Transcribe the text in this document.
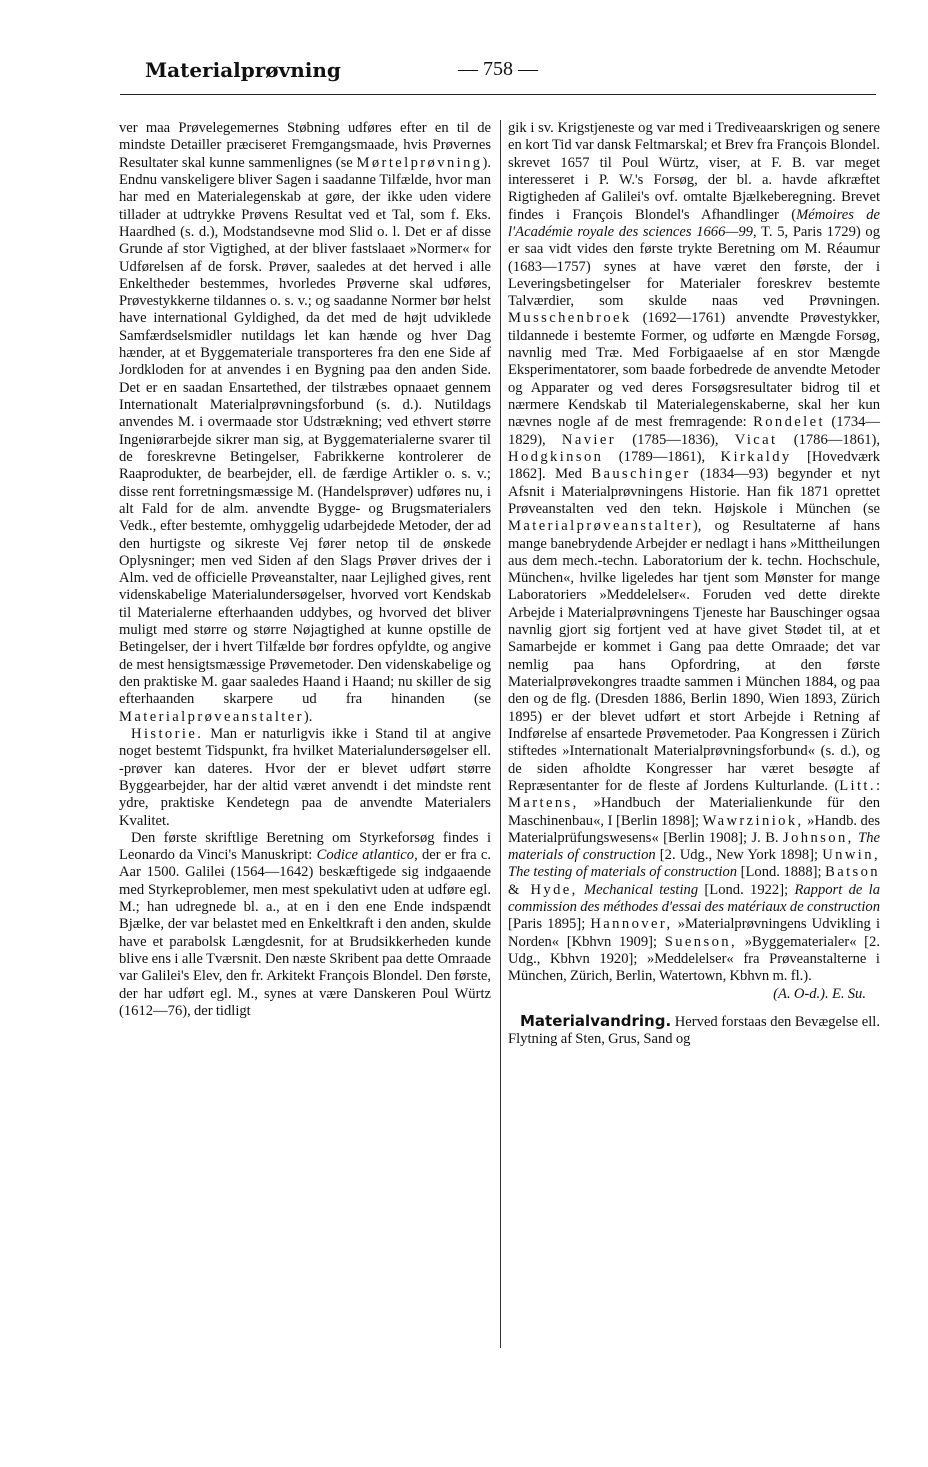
Materialprøvning	— 758 —

ver maa Prøvelegemernes Støbning udføres efter en til de mindste Detailler præciseret Fremgangsmaade, hvis Prøvernes Resultater skal kunne sammenlignes (se Mørtelprøvning). Endnu vanskeligere bliver Sagen i saadanne Tilfælde, hvor man har med en Materialegenskab at gøre, der ikke uden videre tillader at udtrykke Prøvens Resultat ved et Tal, som f. Eks. Haardhed (s. d.), Modstandsevne mod Slid o. l. Det er af disse Grunde af stor Vigtighed, at der bliver fastslaaet »Normer« for Udførelsen af de forsk. Prøver, saaledes at det herved i alle Enkeltheder bestemmes, hvorledes Prøverne skal udføres, Prøvestykkerne tildannes o. s. v.; og saadanne Normer bør helst have international Gyldighed, da det med de højt udviklede Samfærdselsmidler nutildags let kan hænde og hver Dag hænder, at et Byggemateriale transporteres fra den ene Side af Jordkloden for at anvendes i en Bygning paa den anden Side. Det er en saadan Ensartethed, der tilstræbes opnaaet gennem Internationalt Materialprøvningsforbund (s. d.). Nutildags anvendes M. i overmaade stor Udstrækning; ved ethvert større Ingeniørarbejde sikrer man sig, at Byggematerialerne svarer til de foreskrevne Betingelser, Fabrikkerne kontrolerer de Raaprodukter, de bearbejder, ell. de færdige Artikler o. s. v.; disse rent forretningsmæssige M. (Handelsprøver) udføres nu, i alt Fald for de alm. anvendte Bygge- og Brugsmaterialers Vedk., efter bestemte, omhyggelig udarbejdede Metoder, der ad den hurtigste og sikreste Vej fører netop til de ønskede Oplysninger; men ved Siden af den Slags Prøver drives der i Alm. ved de officielle Prøveanstalter, naar Lejlighed gives, rent videnskabelige Materialundersøgelser, hvorved vort Kendskab til Materialerne efterhaanden uddybes, og hvorved det bliver muligt med større og større Nøjagtighed at kunne opstille de Betingelser, der i hvert Tilfælde bør fordres opfyldte, og angive de mest hensigtsmæssige Prøvemetoder. Den videnskabelige og den praktiske M. gaar saaledes Haand i Haand; nu skiller de sig efterhaanden skarpere ud fra hinanden (se Materialprøveanstalter).

Historie. Man er naturligvis ikke i Stand til at angive noget bestemt Tidspunkt, fra hvilket Materialundersøgelser ell. -prøver kan dateres. Hvor der er blevet udført større Byggearbejder, har der altid været anvendt i det mindste rent ydre, praktiske Kendetegn paa de anvendte Materialers Kvalitet.

Den første skriftlige Beretning om Styrkeforsøg findes i Leonardo da Vinci's Manuskript: Codice atlantico, der er fra c. Aar 1500. Galilei (1564—1642) beskæftigede sig indgaaende med Styrkeproblemer, men mest spekulativt uden at udføre egl. M.; han udregnede bl. a., at en i den ene Ende indspændt Bjælke, der var belastet med en Enkeltkraft i den anden, skulde have et parabolsk Længdesnit, for at Brudsikkerheden kunde blive ens i alle Tværsnit. Den næste Skribent paa dette Omraade var Galilei's Elev, den fr. Arkitekt François Blondel. Den første, der har udført egl. M., synes at være Danskeren Poul Würtz (1612—76), der tidligt

gik i sv. Krigstjeneste og var med i Trediveaarskrigen og senere en kort Tid var dansk Feltmarskal; et Brev fra François Blondel. skrevet 1657 til Poul Würtz, viser, at F. B. var meget interesseret i P. W.'s Forsøg, der bl. a. havde afkræftet Rigtigheden af Galilei's ovf. omtalte Bjælkeberegning. Brevet findes i François Blondel's Afhandlinger (Mémoires de l'Académie royale des sciences 1666—99, T. 5, Paris 1729) og er saa vidt vides den første trykte Beretning om M. Réaumur (1683—1757) synes at have været den første, der i Leveringsbetingelser for Materialer foreskrev bestemte Talværdier, som skulde naas ved Prøvningen. Musschenbroek (1692—1761) anvendte Prøvestykker, tildannede i bestemte Former, og udførte en Mængde Forsøg, navnlig med Træ. Med Forbigaaelse af en stor Mængde Eksperimentatorer, som baade forbedrede de anvendte Metoder og Apparater og ved deres Forsøgsresultater bidrog til et nærmere Kendskab til Materialegenskaberne, skal her kun nævnes nogle af de mest fremragende: Rondelet (1734—1829), Navier (1785—1836), Vicat (1786—1861), Hodgkinson (1789—1861), Kirkaldy [Hovedværk 1862]. Med Bauschinger (1834—93) begynder et nyt Afsnit i Materialprøvningens Historie. Han fik 1871 oprettet Prøveanstalten ved den tekn. Højskole i München (se Materialprøveanstalter), og Resultaterne af hans mange banebrydende Arbejder er nedlagt i hans »Mittheilungen aus dem mech.-techn. Laboratorium der k. techn. Hochschule, München«, hvilke ligeledes har tjent som Mønster for mange Laboratoriers »Meddelelser«. Foruden ved dette direkte Arbejde i Materialprøvningens Tjeneste har Bauschinger ogsaa navnlig gjort sig fortjent ved at have givet Stødet til, at et Samarbejde er kommet i Gang paa dette Omraade; det var nemlig paa hans Opfordring, at den første Materialprøvekongres traadte sammen i München 1884, og paa den og de flg. (Dresden 1886, Berlin 1890, Wien 1893, Zürich 1895) er der blevet udført et stort Arbejde i Retning af Indførelse af ensartede Prøvemetoder. Paa Kongressen i Zürich stiftedes »Internationalt Materialprøvningsforbund« (s. d.), og de siden afholdte Kongresser har været besøgte af Repræsentanter for de fleste af Jordens Kulturlande. (Litt.: Martens, »Handbuch der Materialienkunde für den Maschinenbau«, I [Berlin 1898]; Wawrziniok, »Handb. des Materialprüfungswesens« [Berlin 1908]; J. B. Johnson, The materials of construction [2. Udg., New York 1898]; Unwin, The testing of materials of construction [Lond. 1888]; Batson & Hyde, Mechanical testing [Lond. 1922]; Rapport de la commission des méthodes d'essai des matériaux de construction [Paris 1895]; Hannover, »Materialprøvningens Udvikling i Norden« [Kbhvn 1909]; Suenson, »Byggematerialer« [2. Udg., Kbhvn 1920]; »Meddelelser« fra Prøveanstalterne i München, Zürich, Berlin, Watertown, Kbhvn m. fl.).

(A. O-d.). E. Su.

Materialvandring. Herved forstaas den Bevægelse ell. Flytning af Sten, Grus, Sand og
